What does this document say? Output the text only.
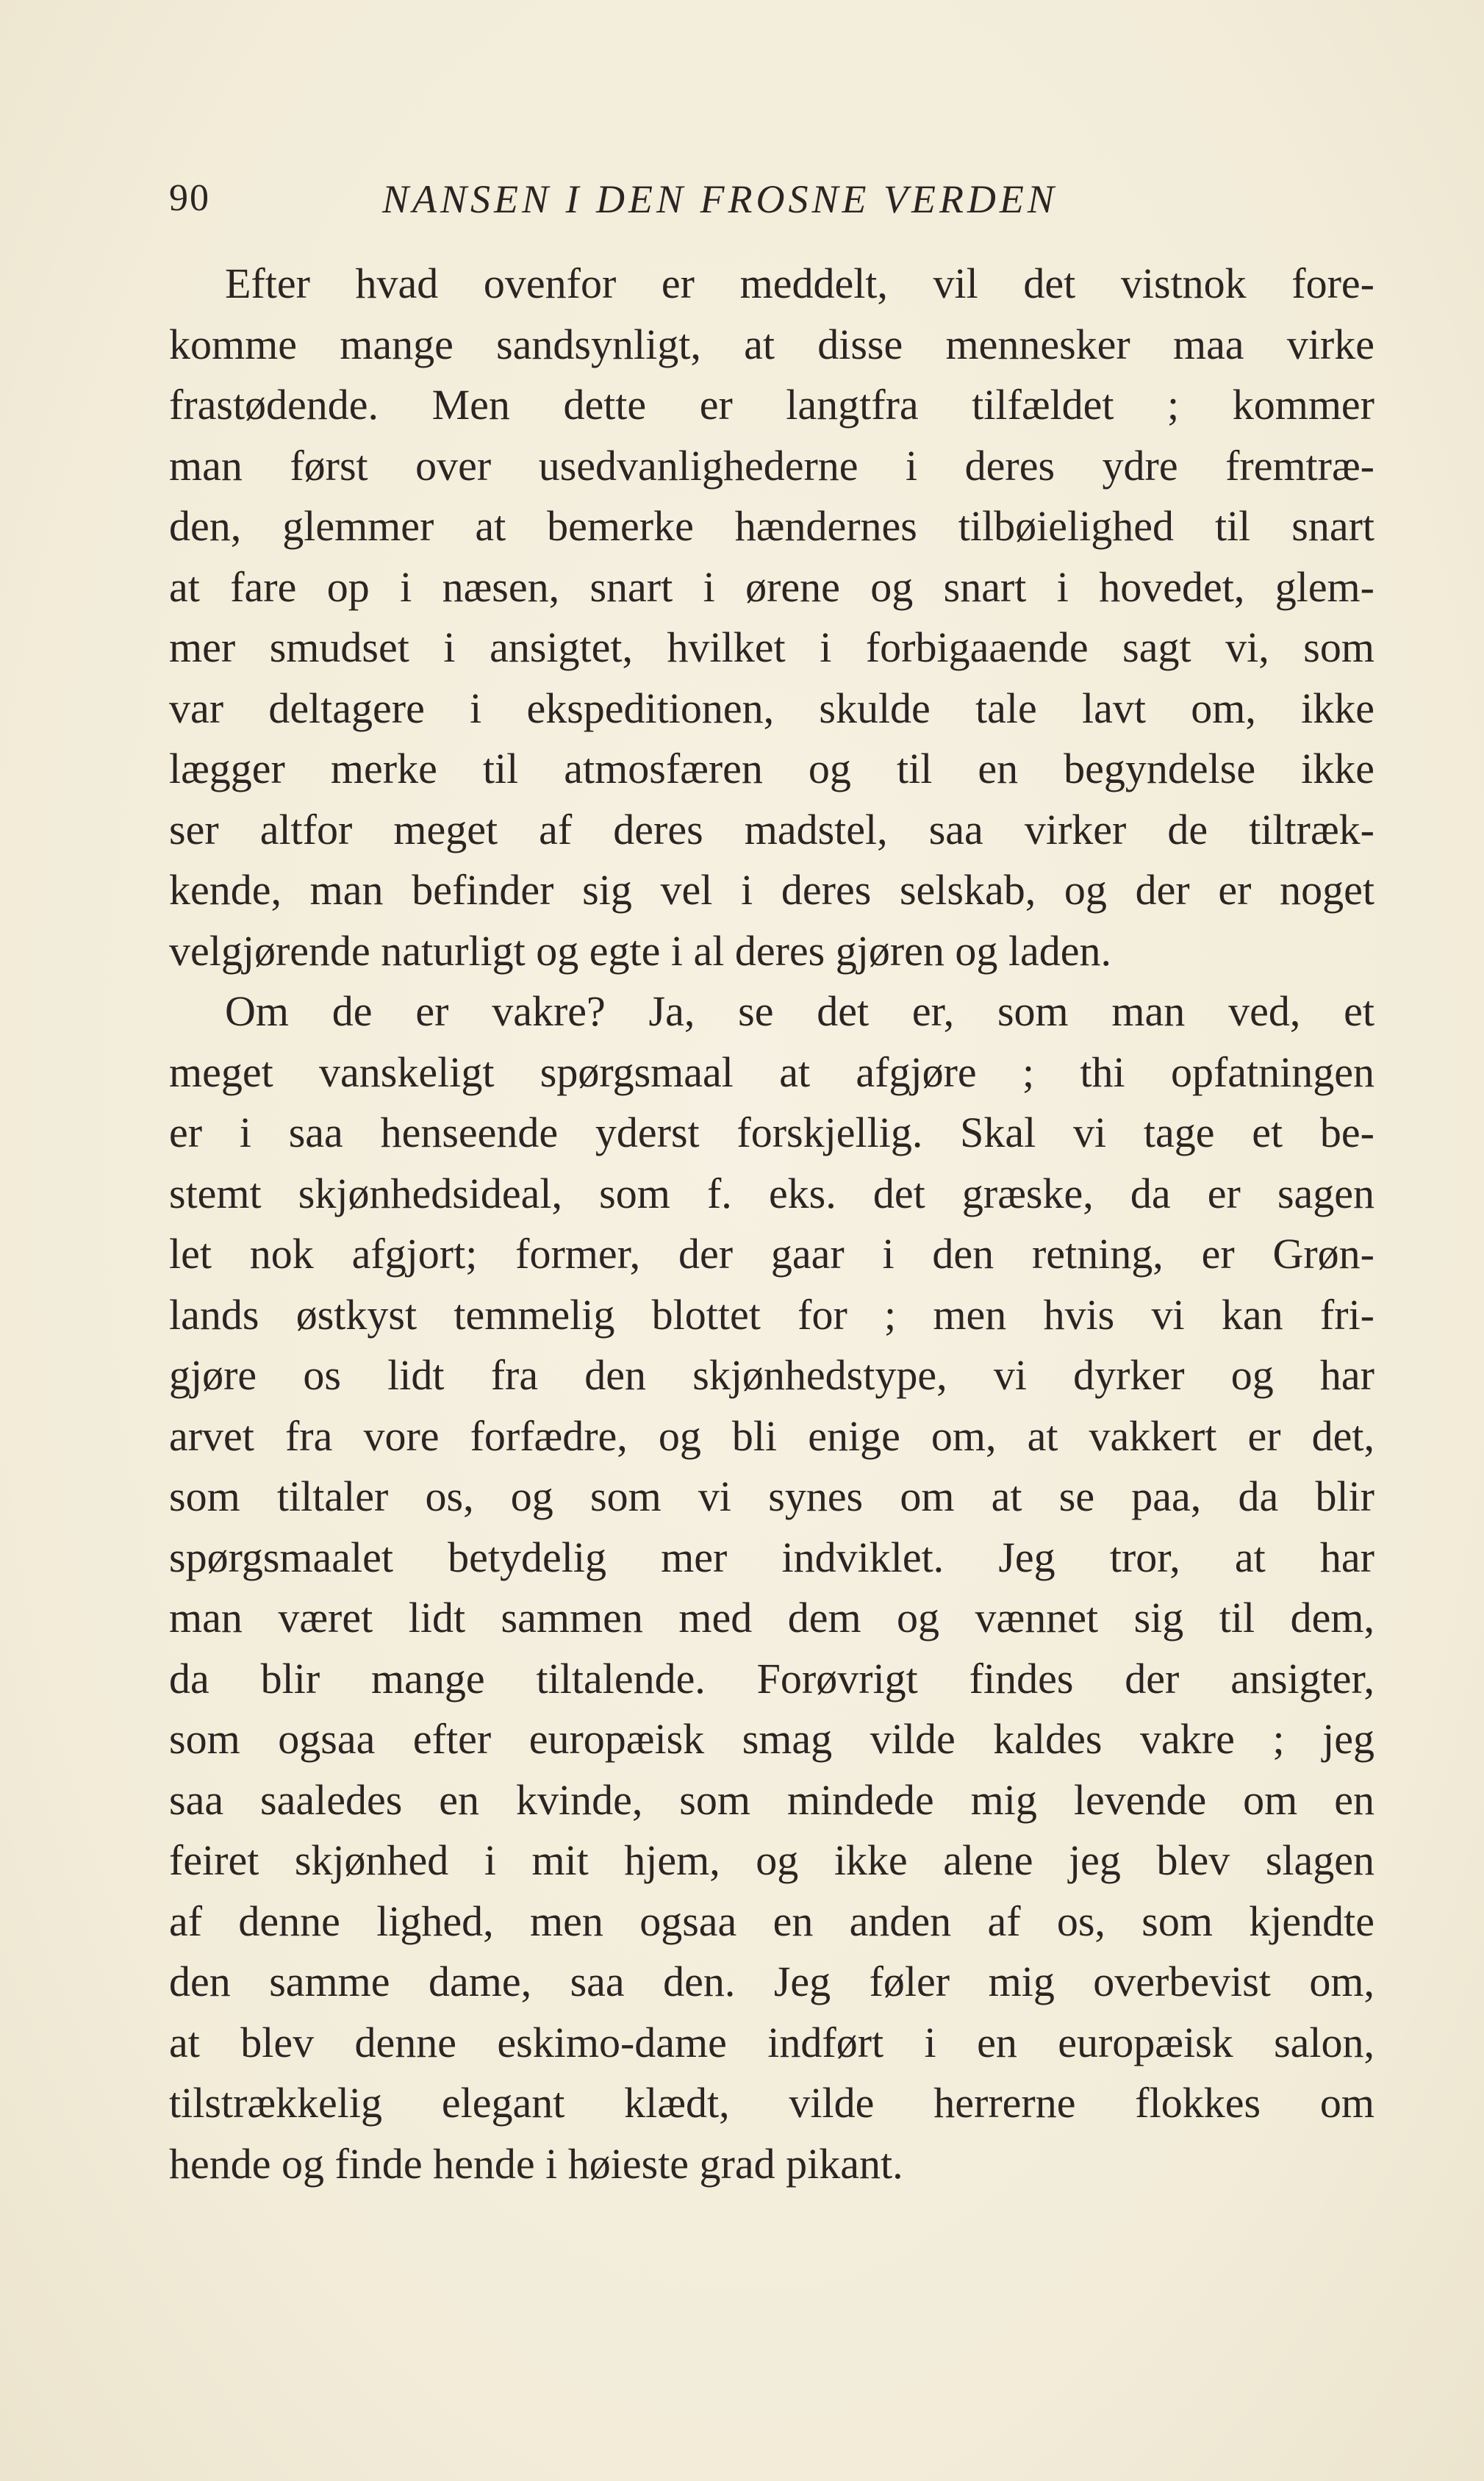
90	NANSEN I DEN FROSNE VERDEN
Efter hvad ovenfor er meddelt, vil det vistnok fore-
komme mange sandsynligt, at disse mennesker maa virke
frastødende. Men dette er langtfra tilfældet ; kommer
man først over usedvanlighederne i deres ydre fremtræ-
den, glemmer at bemerke hændernes tilbøielighed til snart
at fare op i næsen, snart i ørene og snart i hovedet, glem-
mer smudset i ansigtet, hvilket i forbigaaende sagt vi, som
var deltagere i ekspeditionen, skulde tale lavt om, ikke
lægger merke til atmosfæren og til en begyndelse ikke
ser altfor meget af deres madstel, saa virker de tiltræk-
kende, man befinder sig vel i deres selskab, og der er noget
velgjørende naturligt og egte i al deres gjøren og laden.
Om de er vakre? Ja, se det er, som man ved, et
meget vanskeligt spørgsmaal at afgjøre ; thi opfatningen
er i saa henseende yderst forskjellig. Skal vi tage et be-
stemt skjønhedsideal, som f. eks. det græske, da er sagen
let nok afgjort; former, der gaar i den retning, er Grøn-
lands østkyst temmelig blottet for ; men hvis vi kan fri-
gjøre os lidt fra den skjønhedstype, vi dyrker og har
arvet fra vore forfædre, og bli enige om, at vakkert er det,
som tiltaler os, og som vi synes om at se paa, da blir
spørgsmaalet betydelig mer indviklet. Jeg tror, at har
man været lidt sammen med dem og vænnet sig til dem,
da blir mange tiltalende. Forøvrigt findes der ansigter,
som ogsaa efter europæisk smag vilde kaldes vakre ; jeg
saa saaledes en kvinde, som mindede mig levende om en
feiret skjønhed i mit hjem, og ikke alene jeg blev slagen
af denne lighed, men ogsaa en anden af os, som kjendte
den samme dame, saa den. Jeg føler mig overbevist om,
at blev denne eskimo-dame indført i en europæisk salon,
tilstrækkelig elegant klædt, vilde herrerne flokkes om
hende og finde hende i høieste grad pikant.
